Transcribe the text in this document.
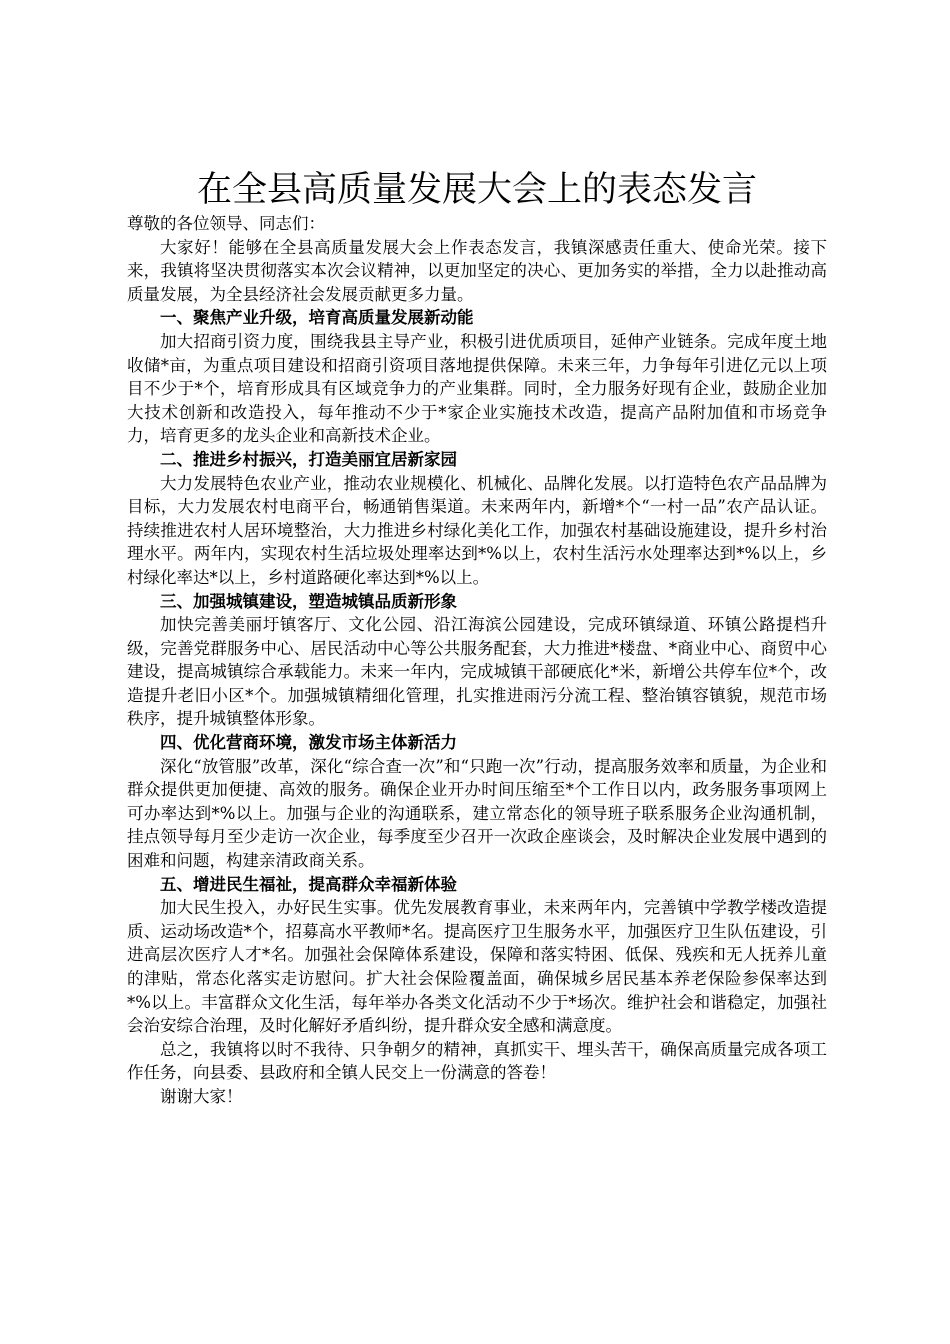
在全县高质量发展大会上的表态发言

尊敬的各位领导、同志们：

大家好！能够在全县高质量发展大会上作表态发言，我镇深感责任重大、使命光荣。接下来，我镇将坚决贯彻落实本次会议精神，以更加坚定的决心、更加务实的举措，全力以赴推动高质量发展，为全县经济社会发展贡献更多力量。

一、聚焦产业升级，培育高质量发展新动能

加大招商引资力度，围绕我县主导产业，积极引进优质项目，延伸产业链条。完成年度土地收储*亩，为重点项目建设和招商引资项目落地提供保障。未来三年，力争每年引进亿元以上项目不少于*个，培育形成具有区域竞争力的产业集群。同时，全力服务好现有企业，鼓励企业加大技术创新和改造投入，每年推动不少于*家企业实施技术改造，提高产品附加值和市场竞争力，培育更多的龙头企业和高新技术企业。

二、推进乡村振兴，打造美丽宜居新家园

大力发展特色农业产业，推动农业规模化、机械化、品牌化发展。以打造特色农产品品牌为目标，大力发展农村电商平台，畅通销售渠道。未来两年内，新增*个“一村一品”农产品认证。持续推进农村人居环境整治，大力推进乡村绿化美化工作，加强农村基础设施建设，提升乡村治理水平。两年内，实现农村生活垃圾处理率达到*%以上，农村生活污水处理率达到*%以上，乡村绿化率达*以上，乡村道路硬化率达到*%以上。

三、加强城镇建设，塑造城镇品质新形象

加快完善美丽圩镇客厅、文化公园、沿江海滨公园建设，完成环镇绿道、环镇公路提档升级，完善党群服务中心、居民活动中心等公共服务配套，大力推进*楼盘、*商业中心、商贸中心建设，提高城镇综合承载能力。未来一年内，完成城镇干部硬底化*米，新增公共停车位*个，改造提升老旧小区*个。加强城镇精细化管理，扎实推进雨污分流工程、整治镇容镇貌，规范市场秩序，提升城镇整体形象。

四、优化营商环境，激发市场主体新活力

深化“放管服”改革，深化“综合查一次”和“只跑一次”行动，提高服务效率和质量，为企业和群众提供更加便捷、高效的服务。确保企业开办时间压缩至*个工作日以内，政务服务事项网上可办率达到*%以上。加强与企业的沟通联系，建立常态化的领导班子联系服务企业沟通机制，挂点领导每月至少走访一次企业，每季度至少召开一次政企座谈会，及时解决企业发展中遇到的困难和问题，构建亲清政商关系。

五、增进民生福祉，提高群众幸福新体验

加大民生投入，办好民生实事。优先发展教育事业，未来两年内，完善镇中学教学楼改造提质、运动场改造*个，招募高水平教师*名。提高医疗卫生服务水平，加强医疗卫生队伍建设，引进高层次医疗人才*名。加强社会保障体系建设，保障和落实特困、低保、残疾和无人抚养儿童的津贴，常态化落实走访慰问。扩大社会保险覆盖面，确保城乡居民基本养老保险参保率达到*%以上。丰富群众文化生活，每年举办各类文化活动不少于*场次。维护社会和谐稳定，加强社会治安综合治理，及时化解好矛盾纠纷，提升群众安全感和满意度。

总之，我镇将以时不我待、只争朝夕的精神，真抓实干、埋头苦干，确保高质量完成各项工作任务，向县委、县政府和全镇人民交上一份满意的答卷！

谢谢大家！
